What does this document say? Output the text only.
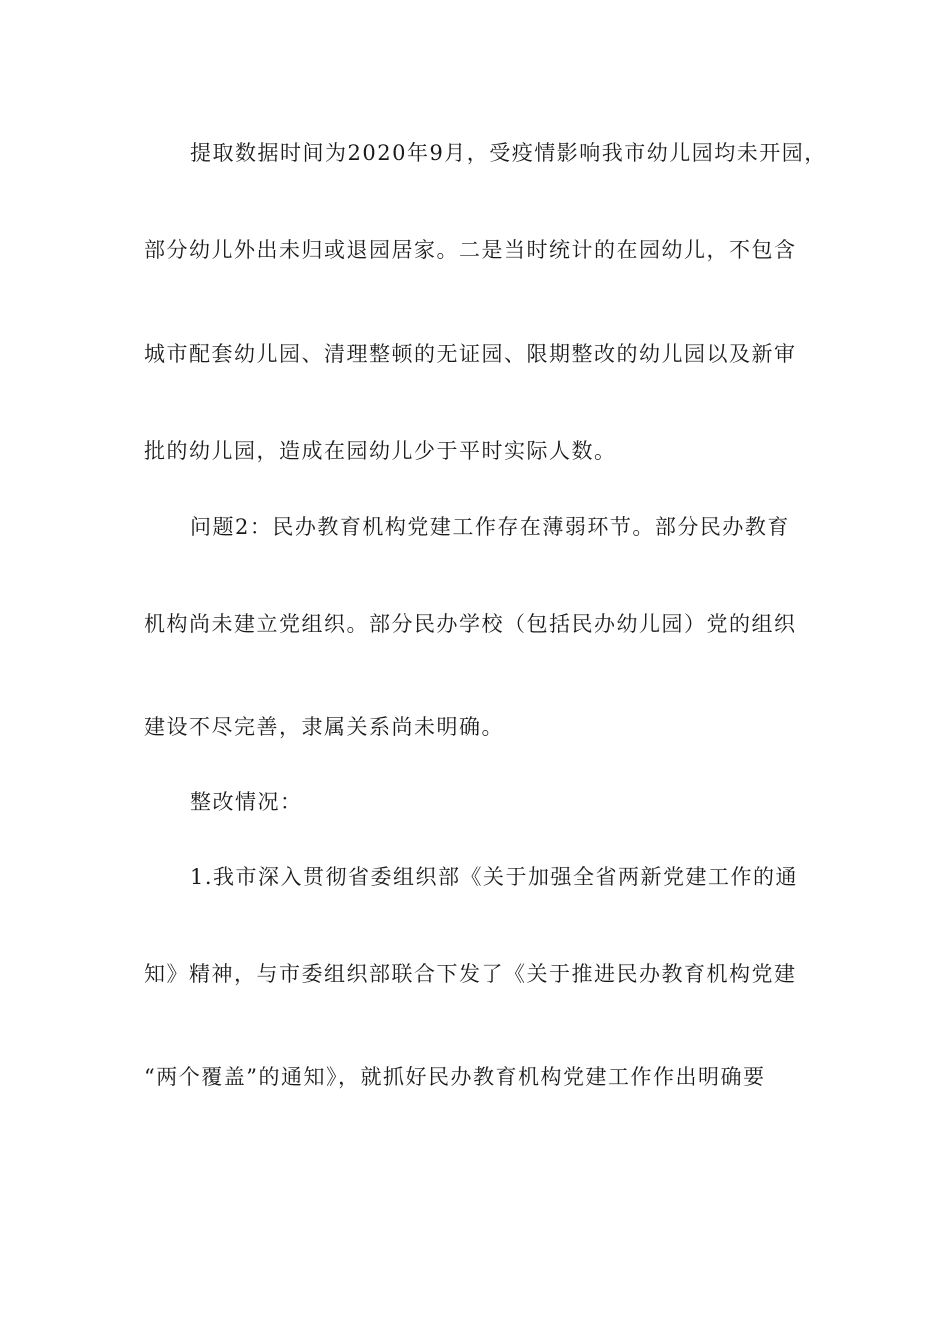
提取数据时间为2020年9月，受疫情影响我市幼儿园均未开园，
部分幼儿外出未归或退园居家。二是当时统计的在园幼儿，不包含
城市配套幼儿园、清理整顿的无证园、限期整改的幼儿园以及新审
批的幼儿园，造成在园幼儿少于平时实际人数。
问题2：民办教育机构党建工作存在薄弱环节。部分民办教育
机构尚未建立党组织。部分民办学校（包括民办幼儿园）党的组织
建设不尽完善，隶属关系尚未明确。
整改情况：
1.我市深入贯彻省委组织部《关于加强全省两新党建工作的通
知》精神，与市委组织部联合下发了《关于推进民办教育机构党建
“两个覆盖”的通知》，就抓好民办教育机构党建工作作出明确要
